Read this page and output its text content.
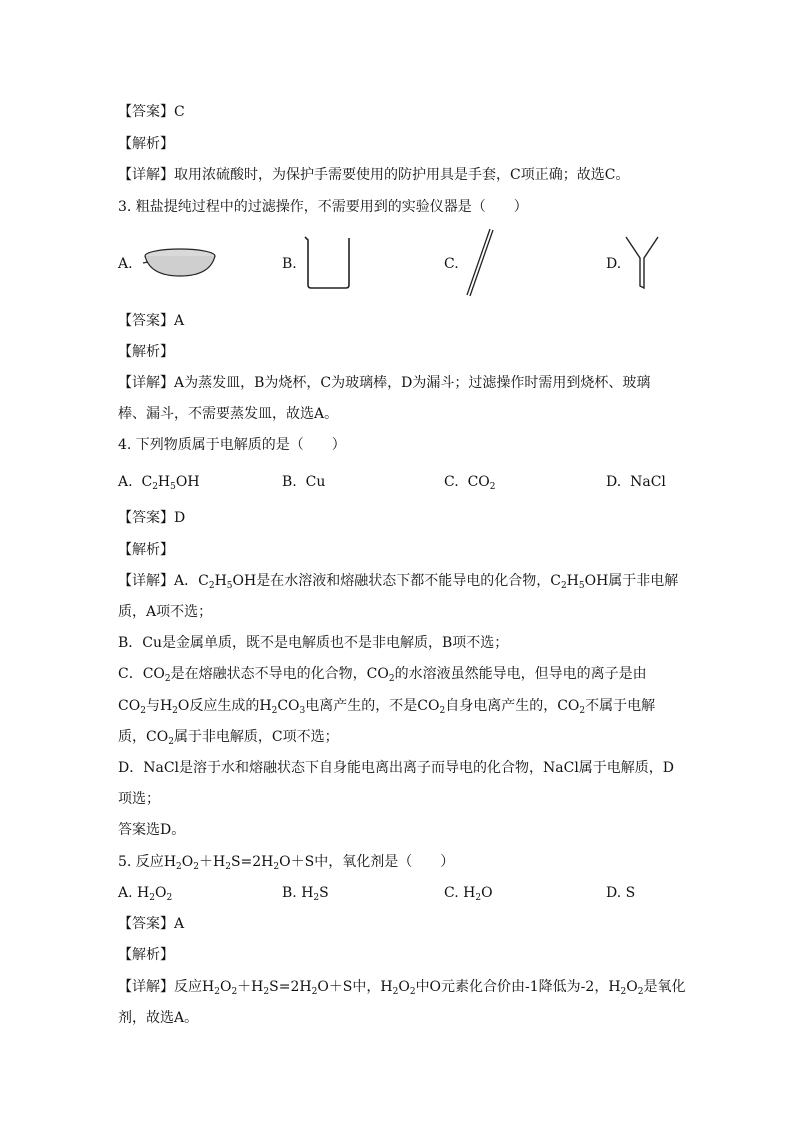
【答案】C
【解析】
【详解】取用浓硫酸时，为保护手需要使用的防护用具是手套，C项正确；故选C。
3. 粗盐提纯过程中的过滤操作，不需要用到的实验仪器是（　　）
A.	B.	C.	D.
【答案】A
【解析】
【详解】A为蒸发皿，B为烧杯，C为玻璃棒，D为漏斗；过滤操作时需用到烧杯、玻璃
棒、漏斗，不需要蒸发皿，故选A。
4. 下列物质属于电解质的是（　　）
A. $C_2H_5OH$	B. Cu	C. $CO_2$	D. NaCl
【答案】D
【解析】
【详解】A．$C_2H_5OH$是在水溶液和熔融状态下都不能导电的化合物，$C_2H_5OH$属于非电解
质，A项不选；
B．Cu是金属单质，既不是电解质也不是非电解质，B项不选；
C．$CO_2$是在熔融状态不导电的化合物，$CO_2$的水溶液虽然能导电，但导电的离子是由
$CO_2$与$H_2O$反应生成的$H_2CO_3$电离产生的，不是$CO_2$自身电离产生的，$CO_2$不属于电解
质，$CO_2$属于非电解质，C项不选；
D．NaCl是溶于水和熔融状态下自身能电离出离子而导电的化合物，NaCl属于电解质，D
项选；
答案选D。
5. 反应$H_2O_2+H_2S=2H_2O+S$中，氧化剂是（　　）
A. $H_2O_2$	B. $H_2S$	C. $H_2O$	D. S
【答案】A
【解析】
【详解】反应$H_2O_2+H_2S=2H_2O+S$中，$H_2O_2$中O元素化合价由-1降低为-2，$H_2O_2$是氧化
剂，故选A。
